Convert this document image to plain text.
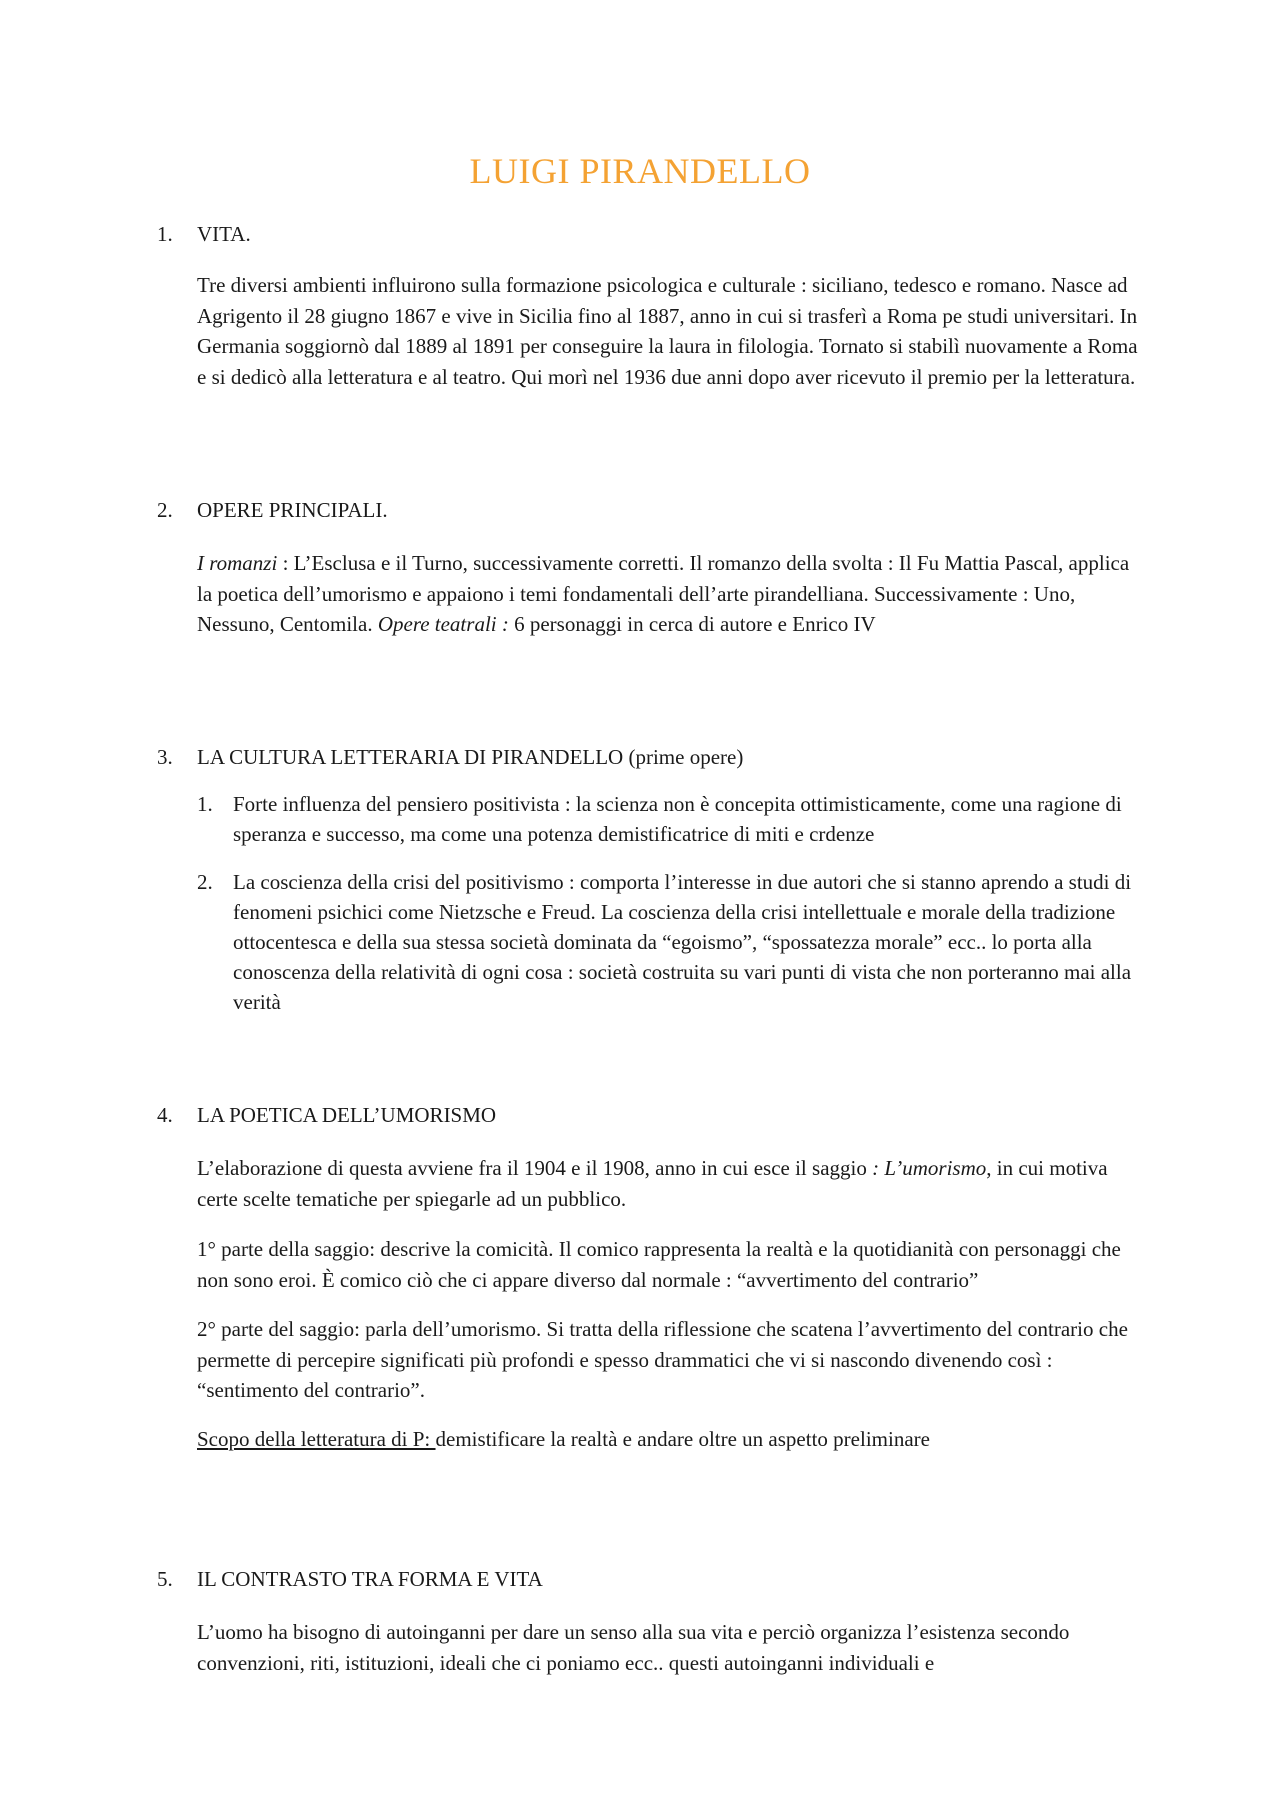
LUIGI PIRANDELLO
1. VITA.

Tre diversi ambienti influirono sulla formazione psicologica e culturale : siciliano, tedesco e romano. Nasce ad Agrigento il 28 giugno 1867 e vive in Sicilia fino al 1887, anno in cui si trasferì a Roma pe studi universitari. In Germania soggiornò dal 1889 al 1891 per conseguire la laura in filologia. Tornato si stabilì nuovamente a Roma e si dedicò alla letteratura e al teatro. Qui morì nel 1936 due anni dopo aver ricevuto il premio per la letteratura.

2. OPERE PRINCIPALI.

I romanzi : L’Esclusa e il Turno, successivamente corretti. Il romanzo della svolta : Il Fu Mattia Pascal, applica la poetica dell’umorismo e appaiono i temi fondamentali dell’arte pirandelliana. Successivamente : Uno, Nessuno, Centomila. Opere teatrali : 6 personaggi in cerca di autore e Enrico IV

3. LA CULTURA LETTERARIA DI PIRANDELLO (prime opere)
1. Forte influenza del pensiero positivista : la scienza non è concepita ottimisticamente, come una ragione di speranza e successo, ma come una potenza demistificatrice di miti e crdenze

2. La coscienza della crisi del positivismo : comporta l’interesse in due autori che si stanno aprendo a studi di fenomeni psichici come Nietzsche e Freud. La coscienza della crisi intellettuale e morale della tradizione ottocentesca e della sua stessa società dominata da “egoismo”, “spossatezza morale” ecc.. lo porta alla conoscenza della relatività di ogni cosa : società costruita su vari punti di vista che non porteranno mai alla verità

4. LA POETICA DELL’UMORISMO

L’elaborazione di questa avviene fra il 1904 e il 1908, anno in cui esce il saggio : L’umorismo, in cui motiva certe scelte tematiche per spiegarle ad un pubblico.

1° parte della saggio: descrive la comicità. Il comico rappresenta la realtà e la quotidianità con personaggi che non sono eroi. È comico ciò che ci appare diverso dal normale : “avvertimento del contrario”

2° parte del saggio: parla dell’umorismo. Si tratta della riflessione che scatena l’avvertimento del contrario che permette di percepire significati più profondi e spesso drammatici che vi si nascondo divenendo così : “sentimento del contrario”.

Scopo della letteratura di P: demistificare la realtà e andare oltre un aspetto preliminare

5. IL CONTRASTO TRA FORMA E VITA

L’uomo ha bisogno di autoinganni per dare un senso alla sua vita e perciò organizza l’esistenza secondo convenzioni, riti, istituzioni, ideali che ci poniamo ecc.. questi autoinganni individuali e
